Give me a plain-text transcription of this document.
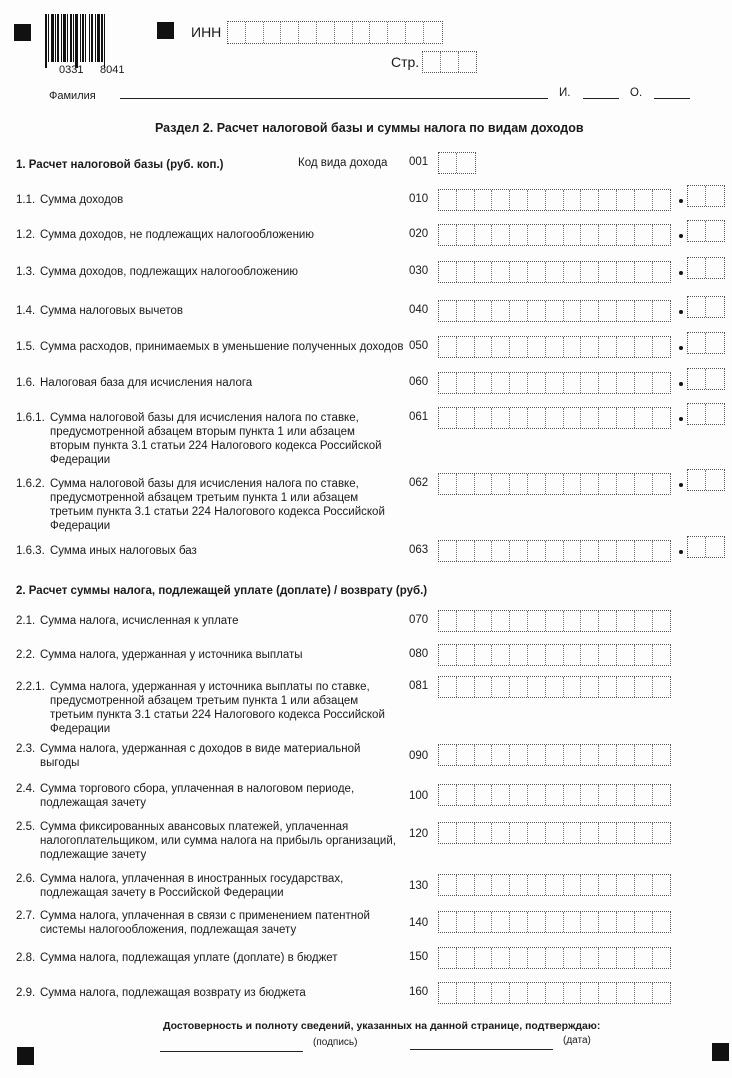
0331 8041
ИНН
Стр.
Фамилия	И.	О.
Раздел 2. Расчет налоговой базы и суммы налога по видам доходов
1. Расчет налоговой базы (руб. коп.)	Код вида дохода 001
1.1. Сумма доходов	010
1.2. Сумма доходов, не подлежащих налогообложению	020
1.3. Сумма доходов, подлежащих налогообложению	030
1.4. Сумма налоговых вычетов	040
1.5. Сумма расходов, принимаемых в уменьшение полученных доходов 050
1.6. Налоговая база для исчисления налога	060
1.6.1. Сумма налоговой базы для исчисления налога по ставке,
предусмотренной абзацем вторым пункта 1 или абзацем
вторым пункта 3.1 статьи 224 Налогового кодекса Российской
Федерации
061
1.6.2. Сумма налоговой базы для исчисления налога по ставке,
предусмотренной абзацем третьим пункта 1 или абзацем
третьим пункта 3.1 статьи 224 Налогового кодекса Российской
Федерации
062
1.6.3. Сумма иных налоговых баз	063
2. Расчет суммы налога, подлежащей уплате (доплате) / возврату (руб.)
2.1. Сумма налога, исчисленная к уплате	070
2.2. Сумма налога, удержанная у источника выплаты	080
2.2.1. Сумма налога, удержанная у источника выплаты по ставке,
предусмотренной абзацем третьим пункта 1 или абзацем
третьим пункта 3.1 статьи 224 Налогового кодекса Российской
Федерации
081
2.3. Сумма налога, удержанная с доходов в виде материальной
выгоды
090
2.4. Сумма торгового сбора, уплаченная в налоговом периоде,
подлежащая зачету
100
2.5. Сумма фиксированных авансовых платежей, уплаченная
налогоплательщиком, или сумма налога на прибыль организаций,
подлежащие зачету
120
2.6. Сумма налога, уплаченная в иностранных государствах,
подлежащая зачету в Российской Федерации
130
2.7. Сумма налога, уплаченная в связи с применением патентной
системы налогообложения, подлежащая зачету
140
2.8. Сумма налога, подлежащая уплате (доплате) в бюджет	150
2.9. Сумма налога, подлежащая возврату из бюджета	160
Достоверность и полноту сведений, указанных на данной странице, подтверждаю:
(подпись)	(дата)
